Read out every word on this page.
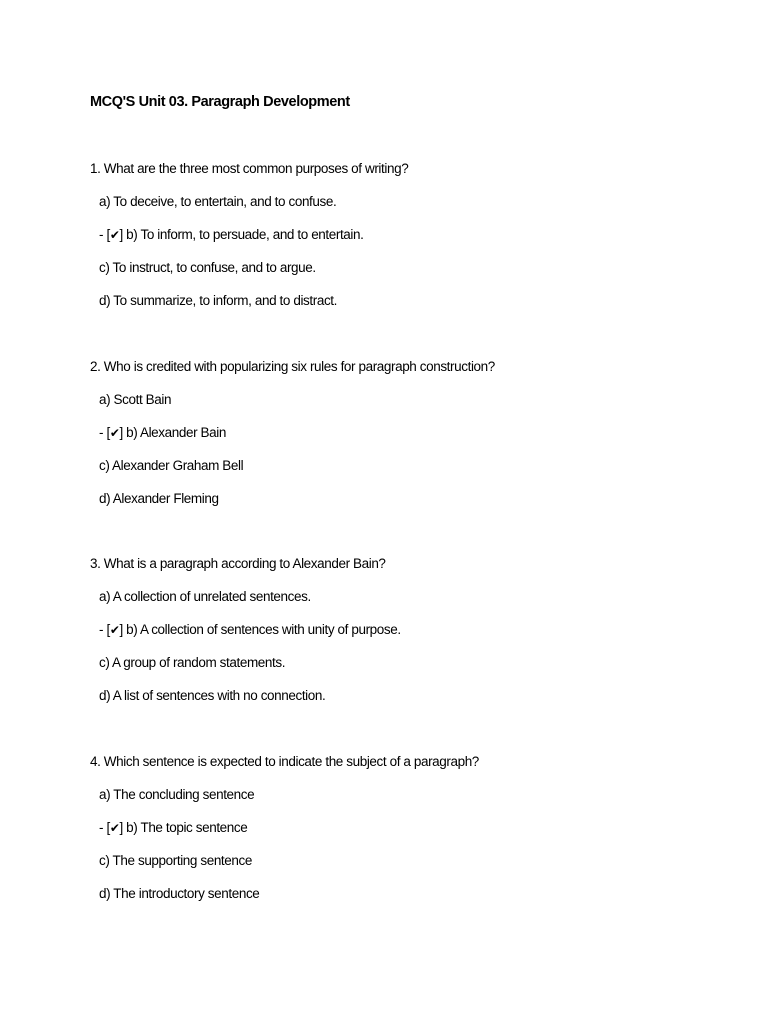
MCQ'S Unit 03. Paragraph Development

1. What are the three most common purposes of writing?

a) To deceive, to entertain, and to confuse.
- [✔] b) To inform, to persuade, and to entertain.
c) To instruct, to confuse, and to argue.
d) To summarize, to inform, and to distract.

2. Who is credited with popularizing six rules for paragraph construction?

a) Scott Bain
- [✔] b) Alexander Bain
c) Alexander Graham Bell
d) Alexander Fleming

3. What is a paragraph according to Alexander Bain?

a) A collection of unrelated sentences.
- [✔] b) A collection of sentences with unity of purpose.
c) A group of random statements.
d) A list of sentences with no connection.

4. Which sentence is expected to indicate the subject of a paragraph?

a) The concluding sentence
- [✔] b) The topic sentence
c) The supporting sentence
d) The introductory sentence
